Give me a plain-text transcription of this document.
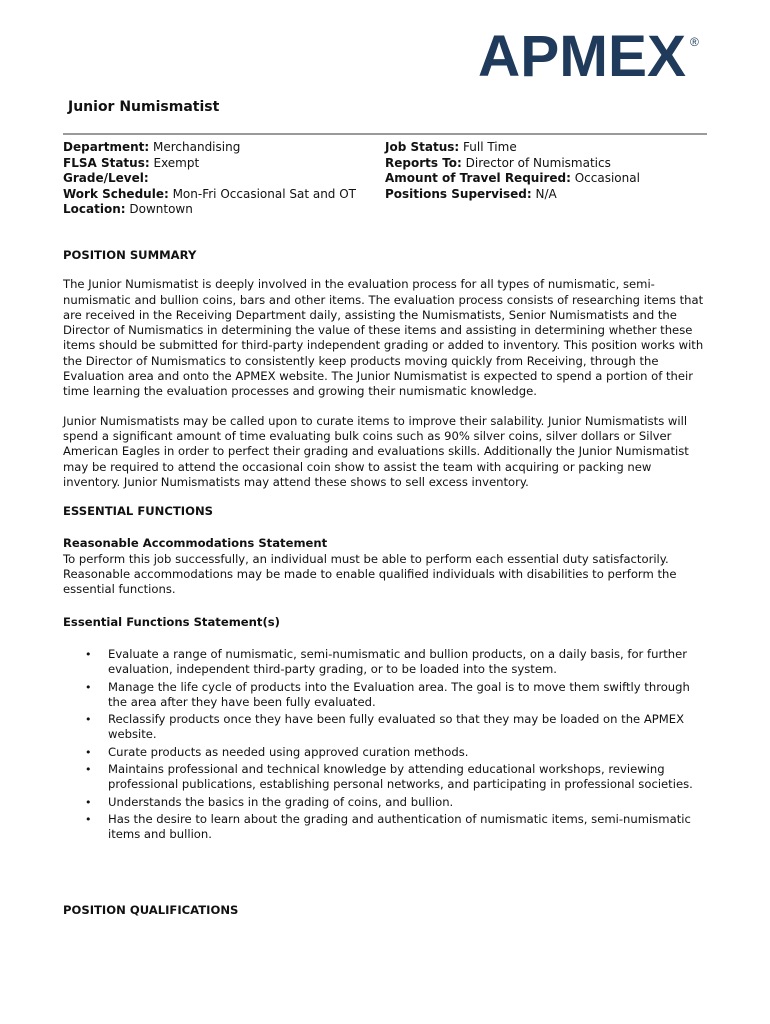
APMEX ®
Junior Numismatist
Department: Merchandising
FLSA Status: Exempt
Grade/Level:
Work Schedule: Mon-Fri Occasional Sat and OT
Location: Downtown
Job Status: Full Time
Reports To: Director of Numismatics
Amount of Travel Required: Occasional
Positions Supervised: N/A

POSITION SUMMARY

The Junior Numismatist is deeply involved in the evaluation process for all types of numismatic, semi-numismatic and bullion coins, bars and other items. The evaluation process consists of researching items that are received in the Receiving Department daily, assisting the Numismatists, Senior Numismatists and the Director of Numismatics in determining the value of these items and assisting in determining whether these items should be submitted for third-party independent grading or added to inventory. This position works with the Director of Numismatics to consistently keep products moving quickly from Receiving, through the Evaluation area and onto the APMEX website. The Junior Numismatist is expected to spend a portion of their time learning the evaluation processes and growing their numismatic knowledge.

Junior Numismatists may be called upon to curate items to improve their salability. Junior Numismatists will spend a significant amount of time evaluating bulk coins such as 90% silver coins, silver dollars or Silver American Eagles in order to perfect their grading and evaluations skills. Additionally the Junior Numismatist may be required to attend the occasional coin show to assist the team with acquiring or packing new inventory. Junior Numismatists may attend these shows to sell excess inventory.

ESSENTIAL FUNCTIONS

Reasonable Accommodations Statement

To perform this job successfully, an individual must be able to perform each essential duty satisfactorily. Reasonable accommodations may be made to enable qualified individuals with disabilities to perform the essential functions.

Essential Functions Statement(s)

• Evaluate a range of numismatic, semi-numismatic and bullion products, on a daily basis, for further evaluation, independent third-party grading, or to be loaded into the system.
• Manage the life cycle of products into the Evaluation area. The goal is to move them swiftly through the area after they have been fully evaluated.
• Reclassify products once they have been fully evaluated so that they may be loaded on the APMEX website.
• Curate products as needed using approved curation methods.
• Maintains professional and technical knowledge by attending educational workshops, reviewing professional publications, establishing personal networks, and participating in professional societies.
• Understands the basics in the grading of coins, and bullion.
• Has the desire to learn about the grading and authentication of numismatic items, semi-numismatic items and bullion.
POSITION QUALIFICATIONS
